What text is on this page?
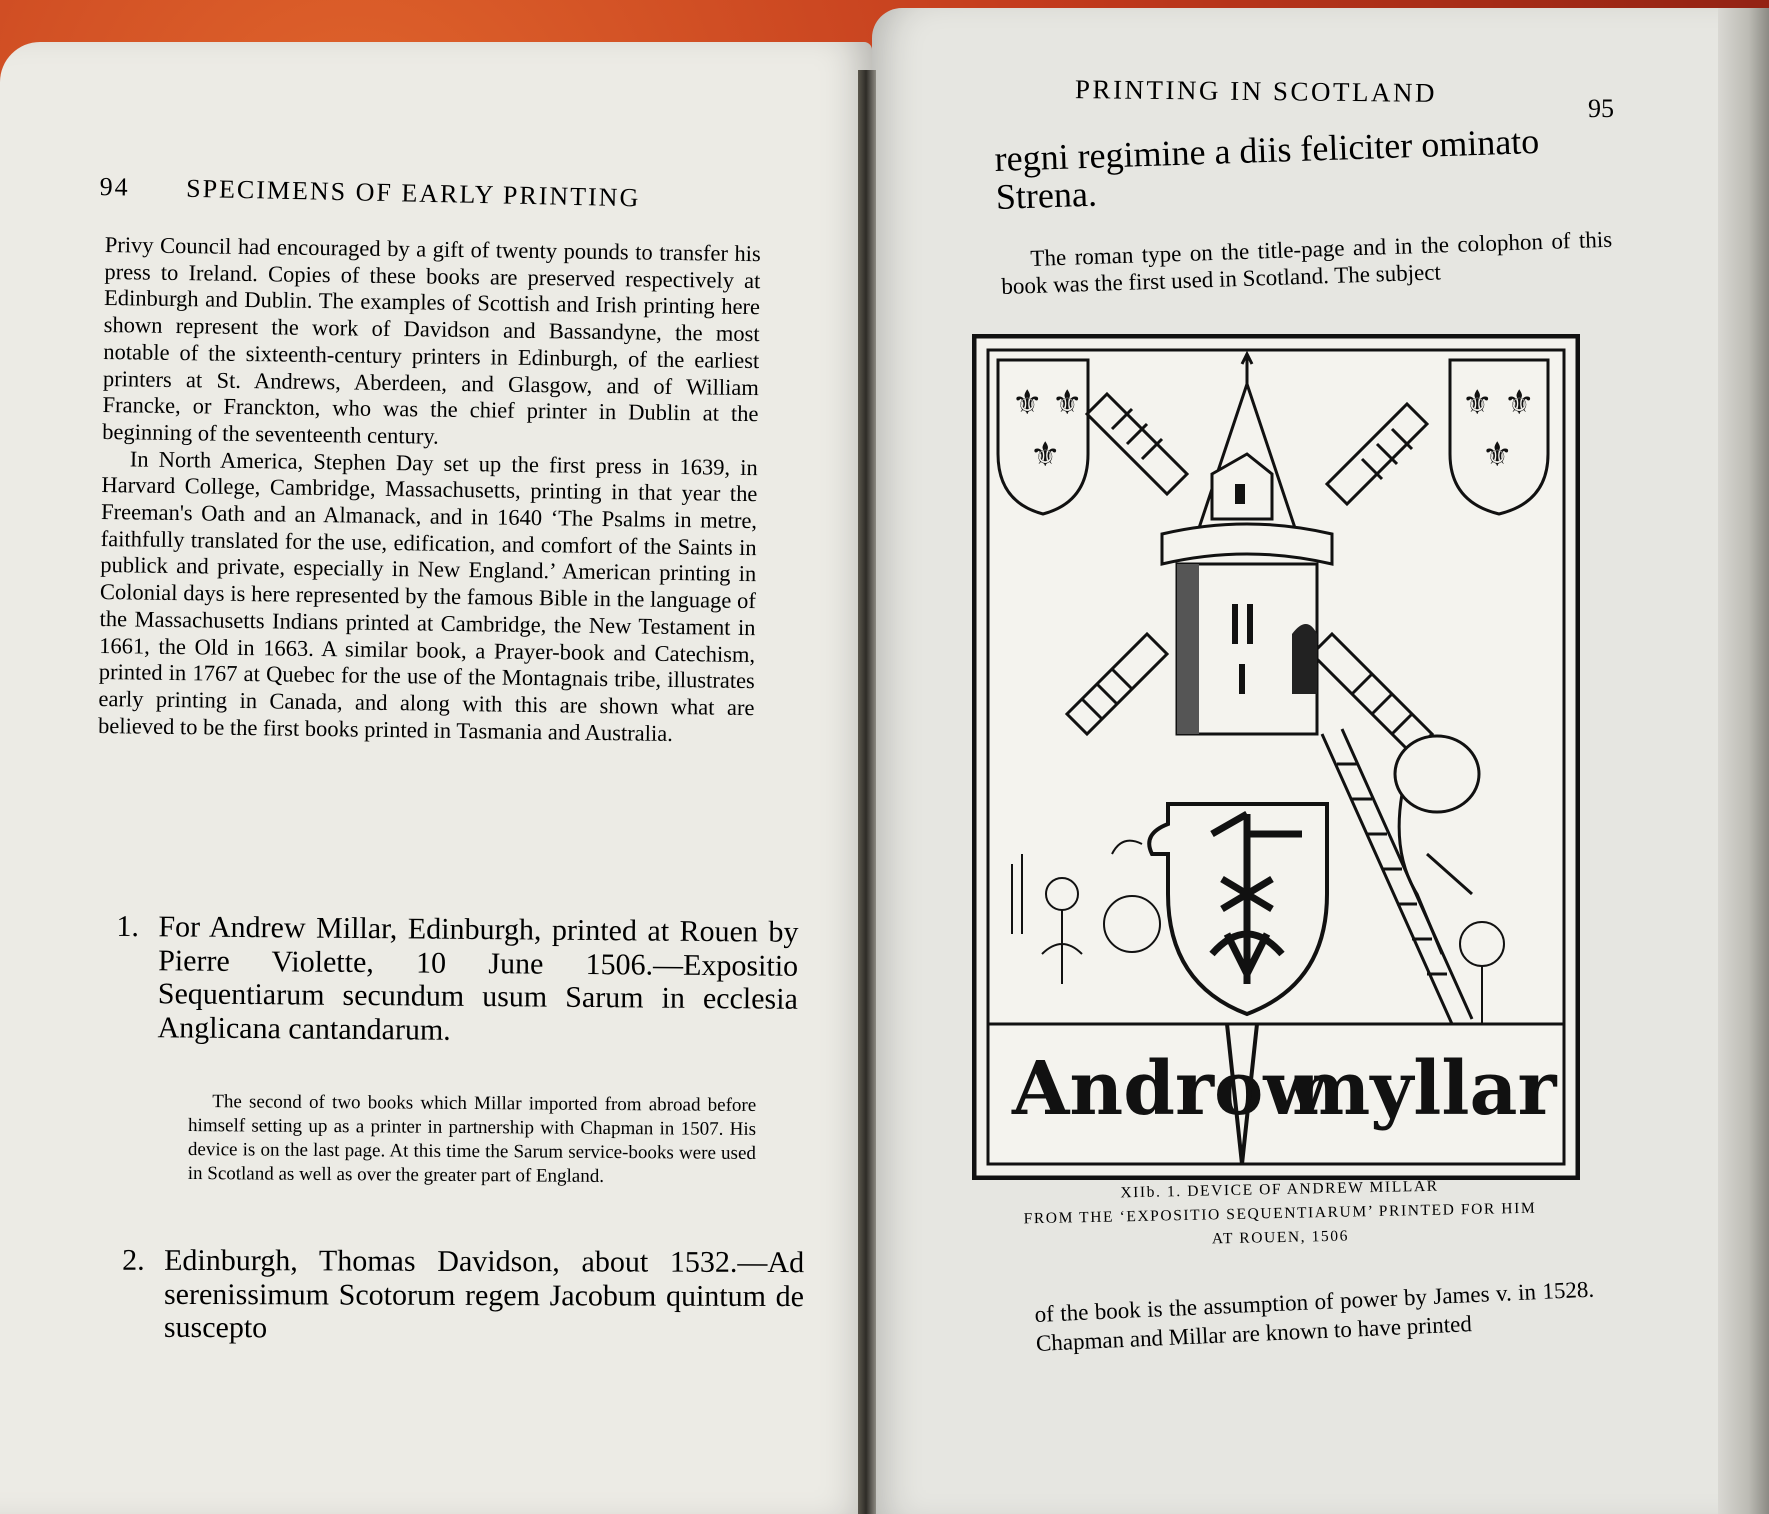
94 SPECIMENS OF EARLY PRINTING

Privy Council had encouraged by a gift of twenty pounds to transfer his press to Ireland. Copies of these books are preserved respectively at Edinburgh and Dublin. The examples of Scottish and Irish printing here shown represent the work of Davidson and Bassandyne, the most notable of the sixteenth-century printers in Edinburgh, of the earliest printers at St. Andrews, Aberdeen, and Glasgow, and of William Francke, or Franckton, who was the chief printer in Dublin at the beginning of the seventeenth century.

In North America, Stephen Day set up the first press in 1639, in Harvard College, Cambridge, Massachusetts, printing in that year the Freeman's Oath and an Almanack, and in 1640 ‘The Psalms in metre, faithfully translated for the use, edification, and comfort of the Saints in publick and private, especially in New England.’ American printing in Colonial days is here represented by the famous Bible in the language of the Massachusetts Indians printed at Cambridge, the New Testament in 1661, the Old in 1663. A similar book, a Prayer-book and Catechism, printed in 1767 at Quebec for the use of the Montagnais tribe, illustrates early printing in Canada, and along with this are shown what are believed to be the first books printed in Tasmania and Australia.

1. For Andrew Millar, Edinburgh, printed at Rouen by Pierre Violette, 10 June 1506.—Expositio Sequentiarum secundum usum Sarum in ecclesia Anglicana cantandarum.
The second of two books which Millar imported from abroad before himself setting up as a printer in partnership with Chapman in 1507. His device is on the last page. At this time the Sarum service-books were used in Scotland as well as over the greater part of England.
2. Edinburgh, Thomas Davidson, about 1532.—Ad serenissimum Scotorum regem Jacobum quintum de suscepto
PRINTING IN SCOTLAND
95
regni regimine a diis feliciter ominato
Strena.
The roman type on the title-page and in the colophon of this book was the first used in Scotland. The subject
⚜ ⚜
⚜
⚜ ⚜
⚜
Androw
myllar
XIIb. 1. DEVICE OF ANDREW MILLAR
FROM THE ‘EXPOSITIO SEQUENTIARUM’ PRINTED FOR HIM
AT ROUEN, 1506
of the book is the assumption of power by James v. in 1528. Chapman and Millar are known to have printed
